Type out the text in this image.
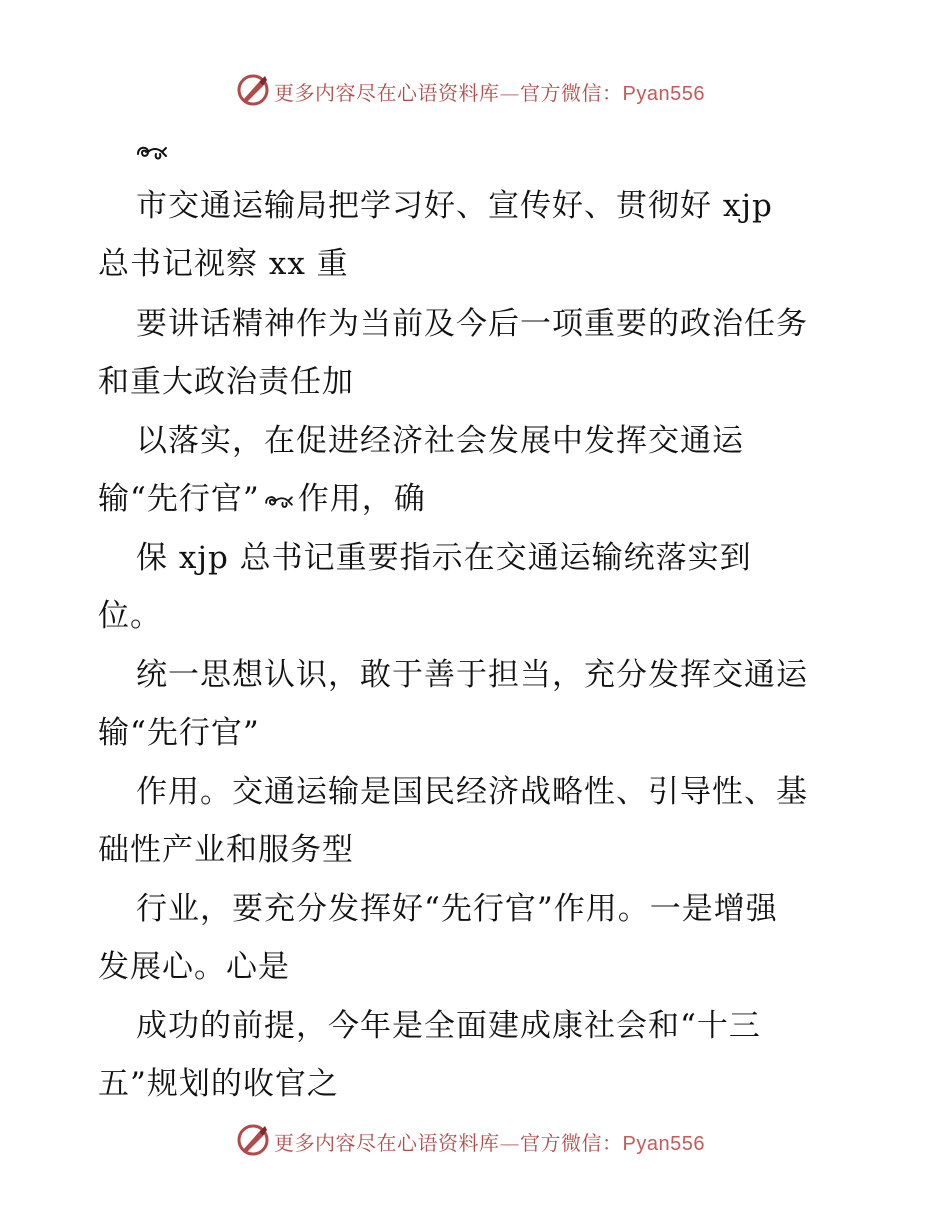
更多内容尽在心语资料库—官方微信：Pyan556
市交通运输局把学习好、宣传好、贯彻好 xjp
总书记视察 xx 重
要讲话精神作为当前及今后一项重要的政治任务
和重大政治责任加
以落实，在促进经济社会发展中发挥交通运
输“先行官” 作用，确
保 xjp 总书记重要指示在交通运输统落实到
位。
统一思想认识，敢于善于担当，充分发挥交通运
输“先行官”
作用。交通运输是国民经济战略性、引导性、基
础性产业和服务型
行业，要充分发挥好“先行官”作用。一是增强
发展心。心是
成功的前提，今年是全面建成康社会和“十三
五”规划的收官之
更多内容尽在心语资料库—官方微信：Pyan556
